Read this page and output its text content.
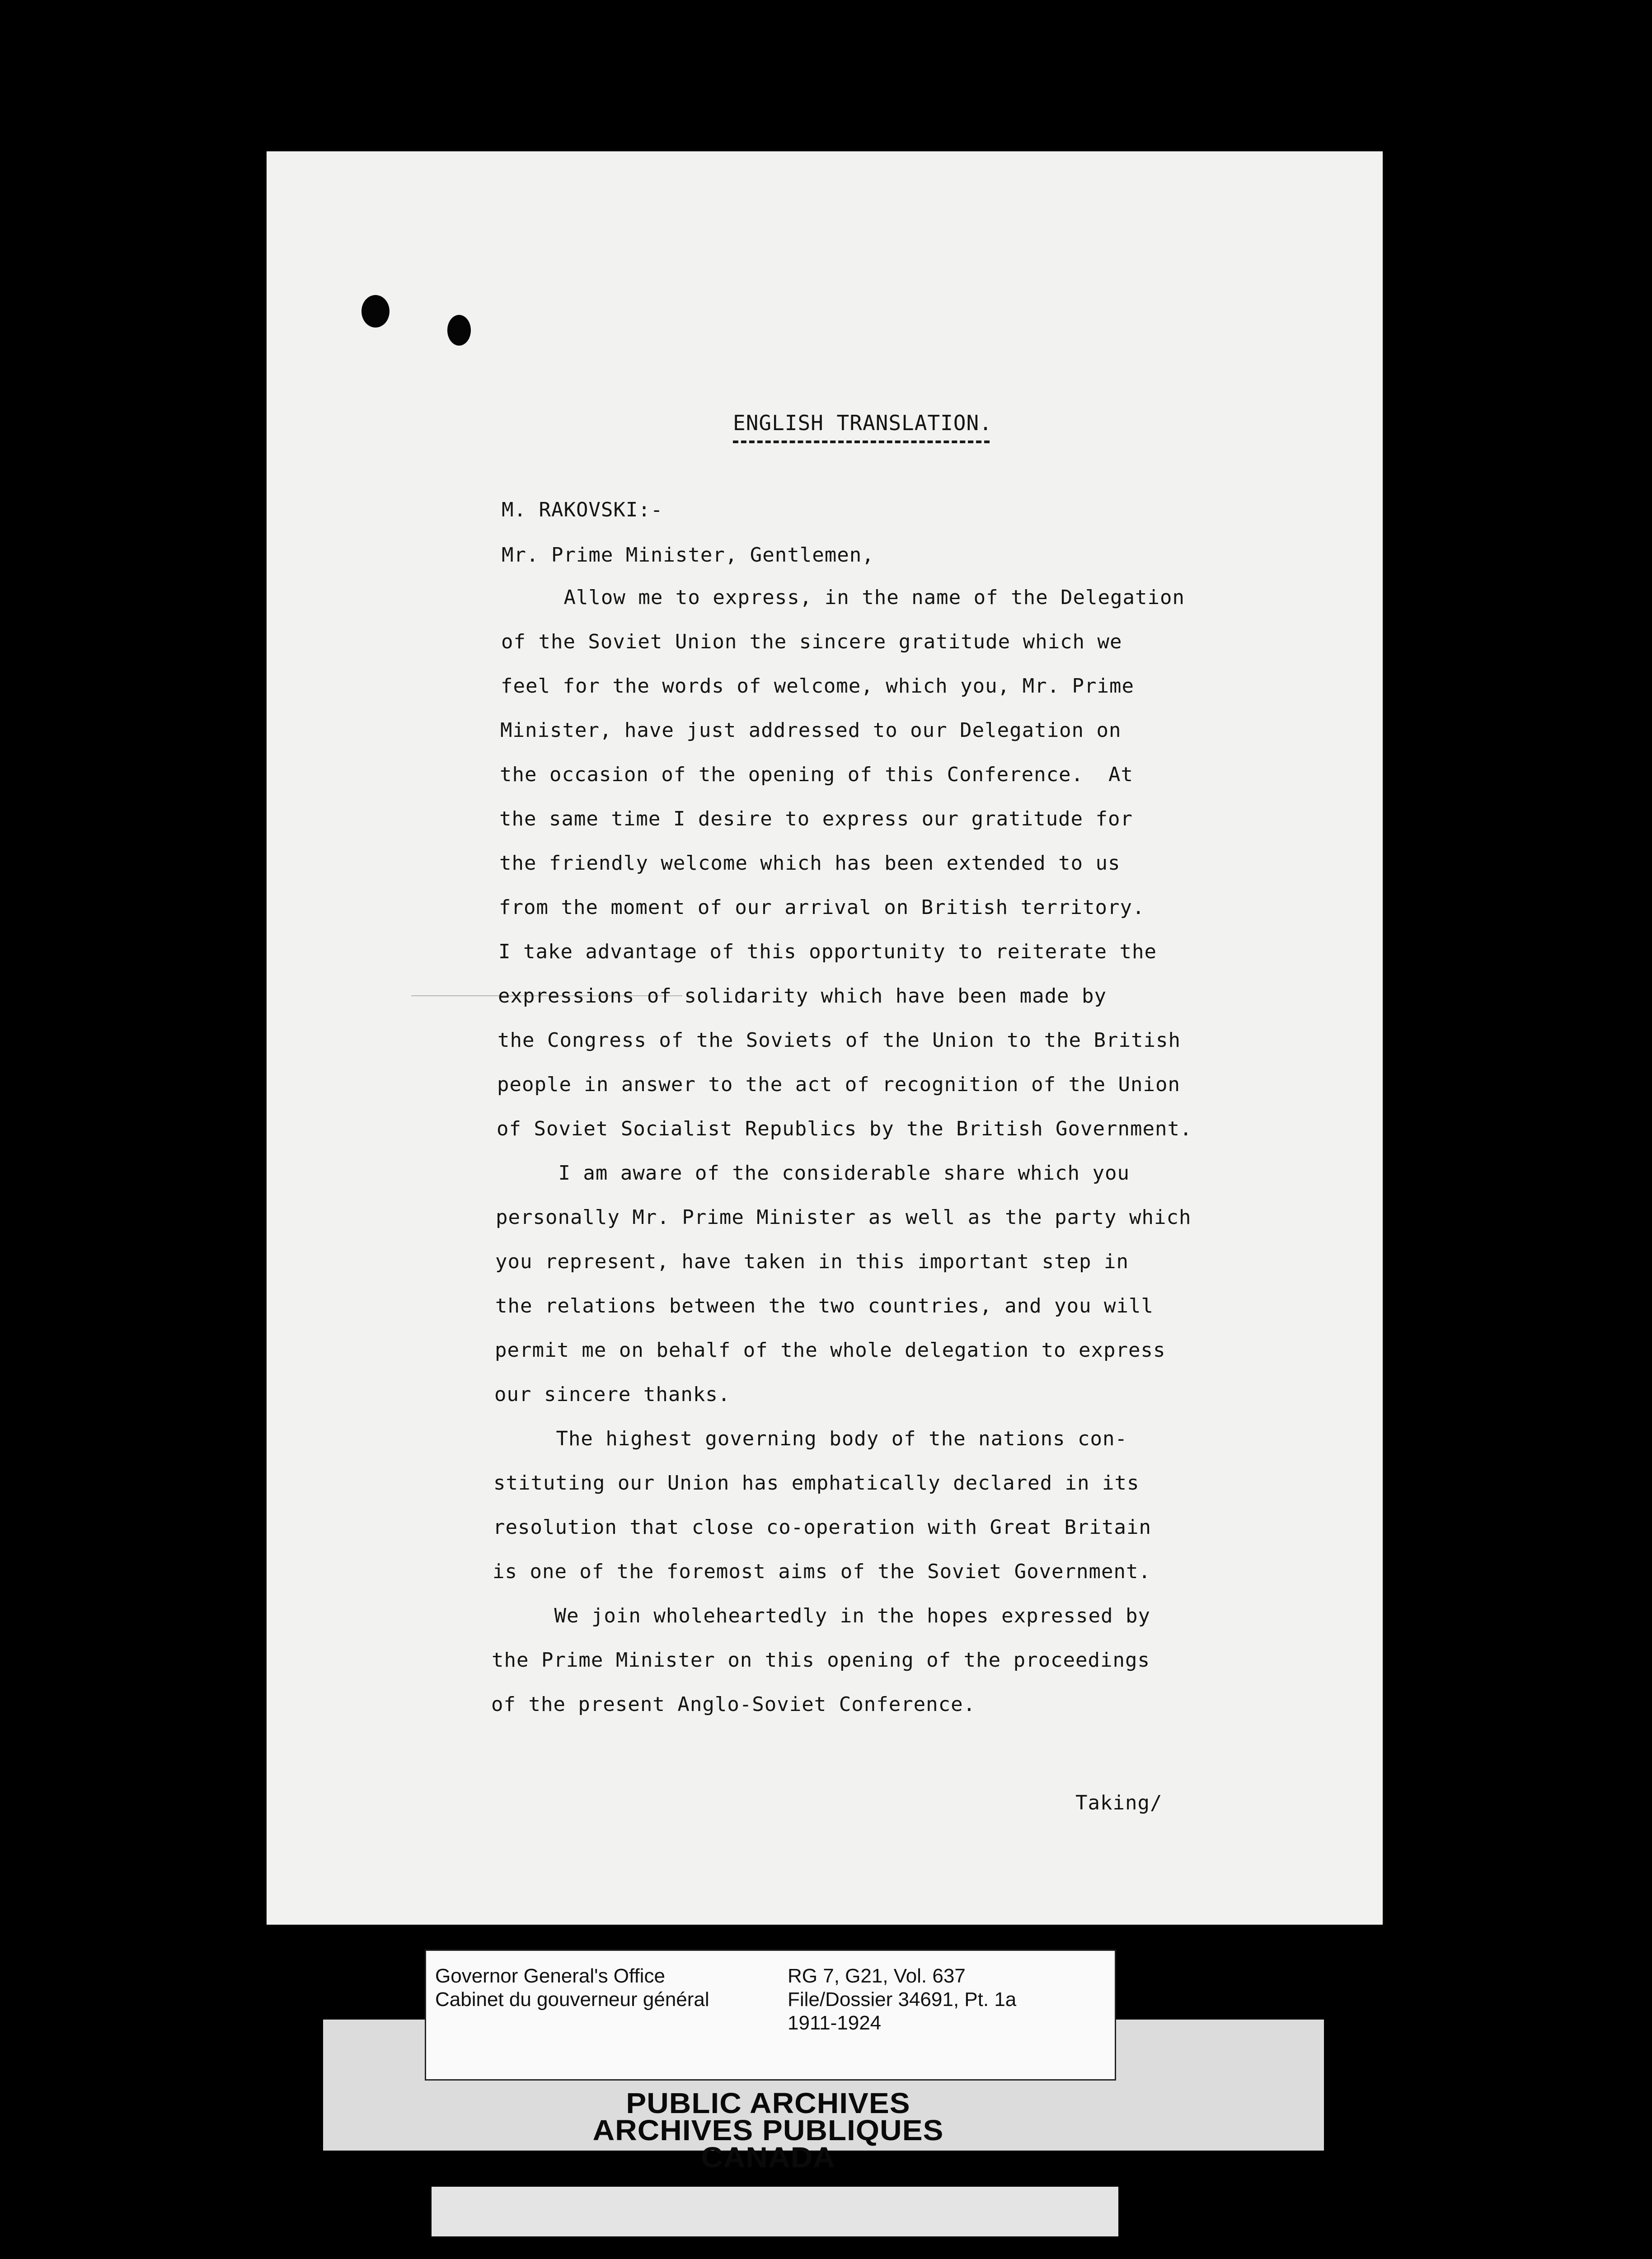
ENGLISH TRANSLATION.
M. RAKOVSKI:-
Mr. Prime Minister, Gentlemen,
Allow me to express, in the name of the Delegation
of the Soviet Union the sincere gratitude which we
feel for the words of welcome, which you, Mr. Prime
Minister, have just addressed to our Delegation on
the occasion of the opening of this Conference.  At
the same time I desire to express our gratitude for
the friendly welcome which has been extended to us
from the moment of our arrival on British territory.
I take advantage of this opportunity to reiterate the
expressions of solidarity which have been made by
the Congress of the Soviets of the Union to the British
people in answer to the act of recognition of the Union
of Soviet Socialist Republics by the British Government.
I am aware of the considerable share which you
personally Mr. Prime Minister as well as the party which
you represent, have taken in this important step in
the relations between the two countries, and you will
permit me on behalf of the whole delegation to express
our sincere thanks.
The highest governing body of the nations con-
stituting our Union has emphatically declared in its
resolution that close co-operation with Great Britain
is one of the foremost aims of the Soviet Government.
We join wholeheartedly in the hopes expressed by
the Prime Minister on this opening of the proceedings
of the present Anglo-Soviet Conference.
Taking/
Governor General's Office
Cabinet du gouverneur général
RG 7, G21, Vol. 637
File/Dossier 34691, Pt. 1a
1911-1924
PUBLIC ARCHIVES
ARCHIVES PUBLIQUES
CANADA
